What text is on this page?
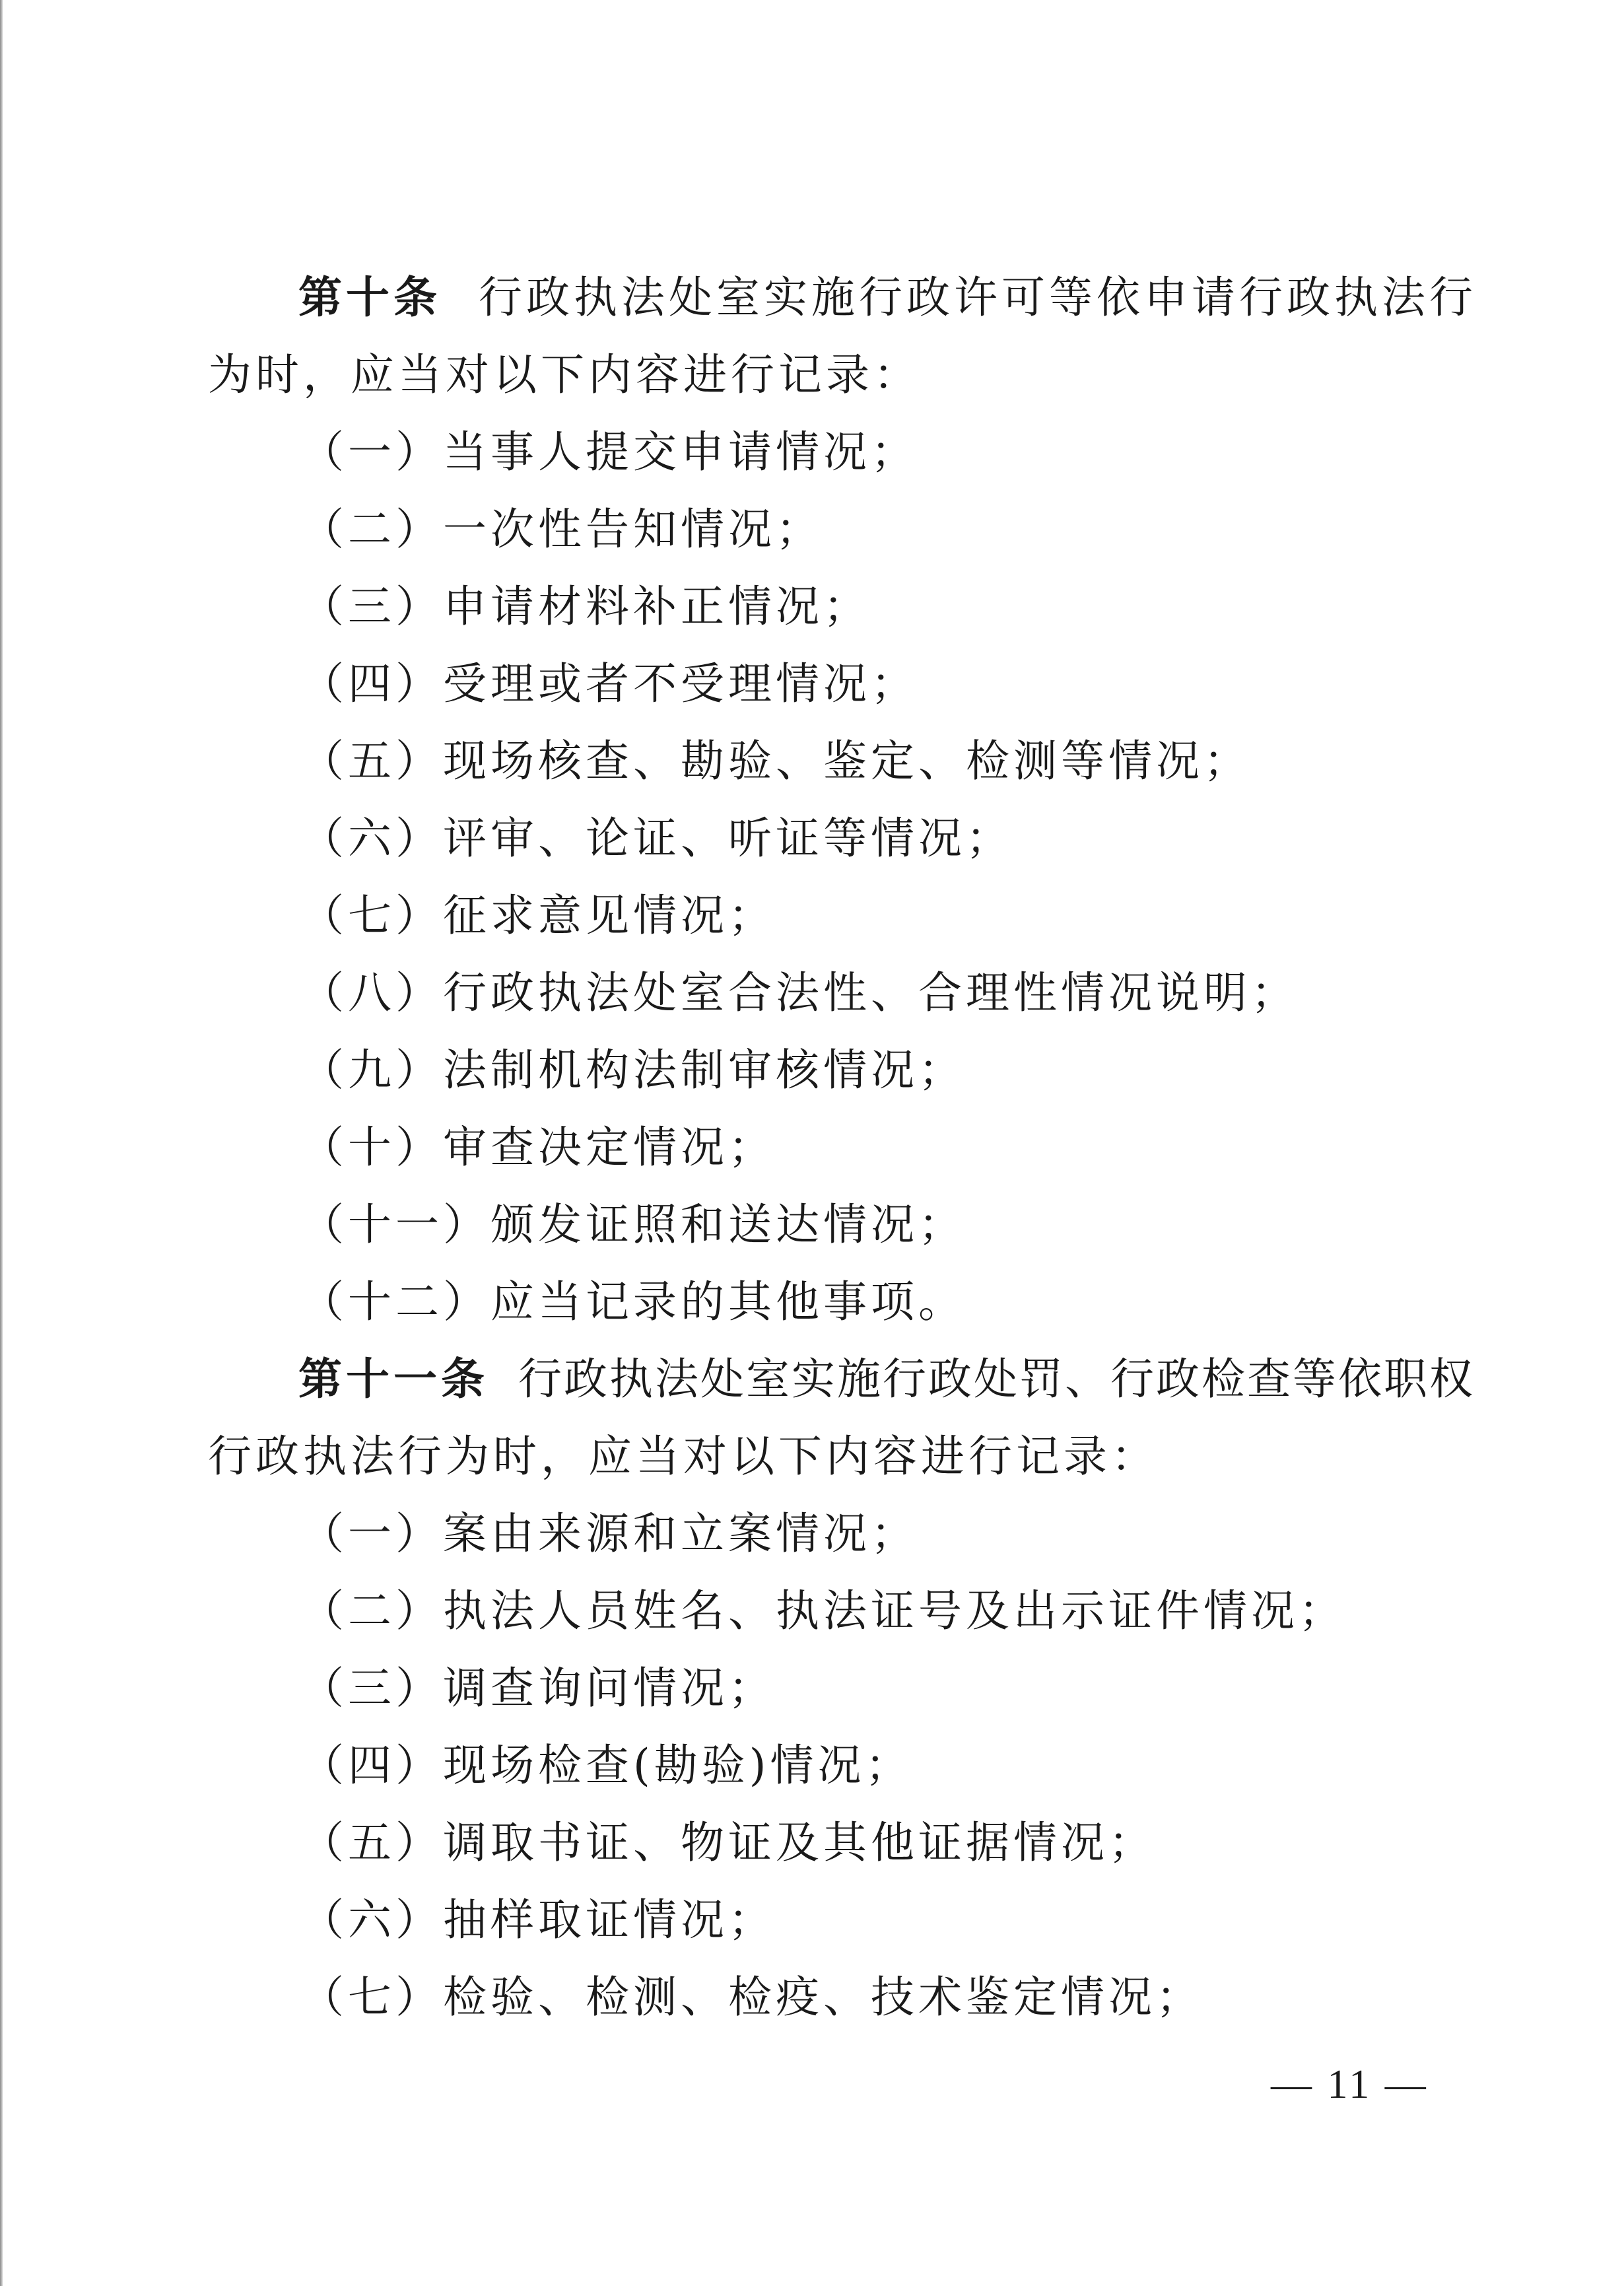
第十条 行政执法处室实施行政许可等依申请行政执法行
为时，应当对以下内容进行记录：
（一）当事人提交申请情况；
（二）一次性告知情况；
（三）申请材料补正情况；
（四）受理或者不受理情况；
（五）现场核查、勘验、鉴定、检测等情况；
（六）评审、论证、听证等情况；
（七）征求意见情况；
（八）行政执法处室合法性、合理性情况说明；
（九）法制机构法制审核情况；
（十）审查决定情况；
（十一）颁发证照和送达情况；
（十二）应当记录的其他事项。
第十一条 行政执法处室实施行政处罚、行政检查等依职权
行政执法行为时，应当对以下内容进行记录：
（一）案由来源和立案情况；
（二）执法人员姓名、执法证号及出示证件情况；
（三）调查询问情况；
（四）现场检查(勘验)情况；
（五）调取书证、物证及其他证据情况；
（六）抽样取证情况；
（七）检验、检测、检疫、技术鉴定情况；
— 11 —
